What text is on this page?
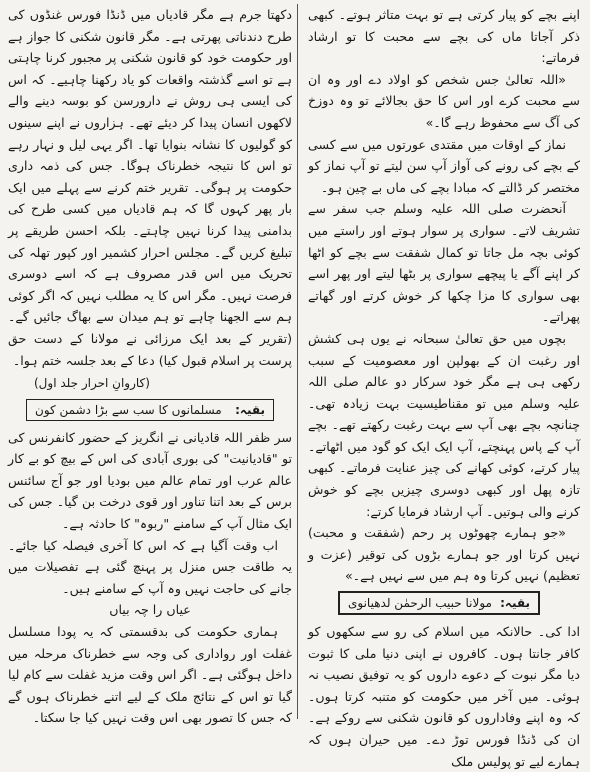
اپنے بچے کو پیار کرتی ہے تو بہت متاثر ہوتے۔ کبھی ذکر آجاتا ماں کی بچے سے محبت کا تو ارشاد فرماتے:

«اللہ تعالیٰ جس شخص کو اولاد دے اور وہ ان سے محبت کرے اور اس کا حق بجالائے تو وہ دوزخ کی آگ سے محفوظ رہے گا۔»

نماز کے اوقات میں مقتدی عورتوں میں سے کسی کے بچے کی رونے کی آواز آپ سن لیتے تو آپ نماز کو مختصر کر ڈالتے کہ مبادا بچے کی ماں بے چین ہو۔

آنحضرت صلی اللہ علیہ وسلم جب سفر سے تشریف لاتے۔ سواری پر سوار ہوتے اور راستے میں کوئی بچہ مل جاتا تو کمال شفقت سے بچے کو اٹھا کر اپنے آگے یا پیچھے سواری پر بٹھا لیتے اور پھر اسے بھی سواری کا مزا چکھا کر خوش کرتے اور گھاتے پھراتے۔

بچوں میں حق تعالیٰ سبحانہ نے یوں ہی کشش اور رغبت ان کے بھولپن اور معصومیت کے سبب رکھی ہی ہے مگر خود سرکار دو عالم صلی اللہ علیہ وسلم میں تو مقناطیسیت بہت زیادہ تھی۔ چنانچہ بچے بھی آپ سے بہت رغبت رکھتے تھے۔ بچے آپ کے پاس پہنچتے، آپ ایک ایک کو گود میں اٹھاتے۔ پیار کرتے، کوئی کھانے کی چیز عنایت فرماتے۔ کبھی تازہ پھل اور کبھی دوسری چیزیں بچے کو خوش کرنے والی ہوتیں۔ آپ ارشاد فرمایا کرتے:

«جو ہمارے چھوٹوں پر رحم (شفقت و محبت) نہیں کرتا اور جو ہمارے بڑوں کی توقیر (عزت و تعظیم) نہیں کرتا وہ ہم میں سے نہیں ہے۔»

بقیہ:
مولانا حبیب الرحمٰن لدھیانوی

ادا کی۔ حالانکہ میں اسلام کی رو سے سکھوں کو کافر جانتا ہوں۔ کافروں نے اپنی دنیا ملی کا ثبوت دیا مگر نبوت کے دعوے داروں کو یہ توفیق نصیب نہ ہوئی۔ میں آخر میں حکومت کو متنبہ کرتا ہوں۔ کہ وہ اپنے وفاداروں کو قانون شکنی سے روکے ہے۔ ان کی ڈنڈا فورس توڑ دے۔ میں حیران ہوں کہ ہمارے لیے تو پولیس ملک

دکھتا جرم ہے مگر قادیاں میں ڈنڈا فورس غنڈوں کی طرح دندناتی پھرتی ہے۔ مگر قانون شکنی کا جواز ہے اور حکومت خود کو قانون شکنی پر مجبور کرنا چاہتی ہے تو اسے گذشتہ واقعات کو یاد رکھنا چاہیے۔ کہ اس کی ایسی ہی روش نے دارورسن کو بوسہ دینے والے لاکھوں انسان پیدا کر دیئے تھے۔ ہزاروں نے اپنے سینوں کو گولیوں کا نشانہ بنوایا تھا۔ اگر یہی لیل و نہار رہے تو اس کا نتیجہ خطرناک ہوگا۔ جس کی ذمہ داری حکومت پر ہوگی۔ تقریر ختم کرنے سے پہلے میں ایک بار پھر کہوں گا کہ ہم قادیاں میں کسی طرح کی بدامنی پیدا کرنا نہیں چاہتے۔ بلکہ احسن طریقے پر تبلیغ کریں گے۔ مجلس احرار کشمیر اور کپور تھلہ کی تحریک میں اس قدر مصروف ہے کہ اسے دوسری فرصت نہیں۔ مگر اس کا یہ مطلب نہیں کہ اگر کوئی ہم سے الجھنا چاہے تو ہم میدان سے بھاگ جائیں گے۔ (تقریر کے بعد ایک مرزائی نے مولانا کے دست حق پرست پر اسلام قبول کیا) دعا کے بعد جلسہ ختم ہوا۔

(کاروانِ احرار جلد اول)

بقیہ:
مسلمانوں کا سب سے بڑا دشمن کون

سر ظفر اللہ قادیانی نے انگریز کے حضور کانفرنس کی تو "قادیانیت" کی بوری آبادی کی اس کے بیچ کو بے کار عالم عرب اور تمام عالم میں بودیا اور جو آج سائنس برس کے بعد اتنا تناور اور قوی درخت بن گیا۔ جس کی ایک مثال آپ کے سامنے "ربوہ" کا حادثہ ہے۔

اب وقت آگیا ہے کہ اس کا آخری فیصلہ کیا جائے۔ یہ طاقت جس منزل پر پہنچ گئی ہے تفصیلات میں جانے کی حاجت نہیں وہ آپ کے سامنے ہیں۔

عیاں را چہ بیاں

ہماری حکومت کی بدقسمتی کہ یہ پودا مسلسل غفلت اور رواداری کی وجہ سے خطرناک مرحلہ میں داخل ہوگئی ہے۔ اگر اس وقت مزید غفلت سے کام لیا گیا تو اس کے نتائج ملک کے لیے اتنے خطرناک ہوں گے کہ جس کا تصور بھی اس وقت نہیں کیا جا سکتا۔
